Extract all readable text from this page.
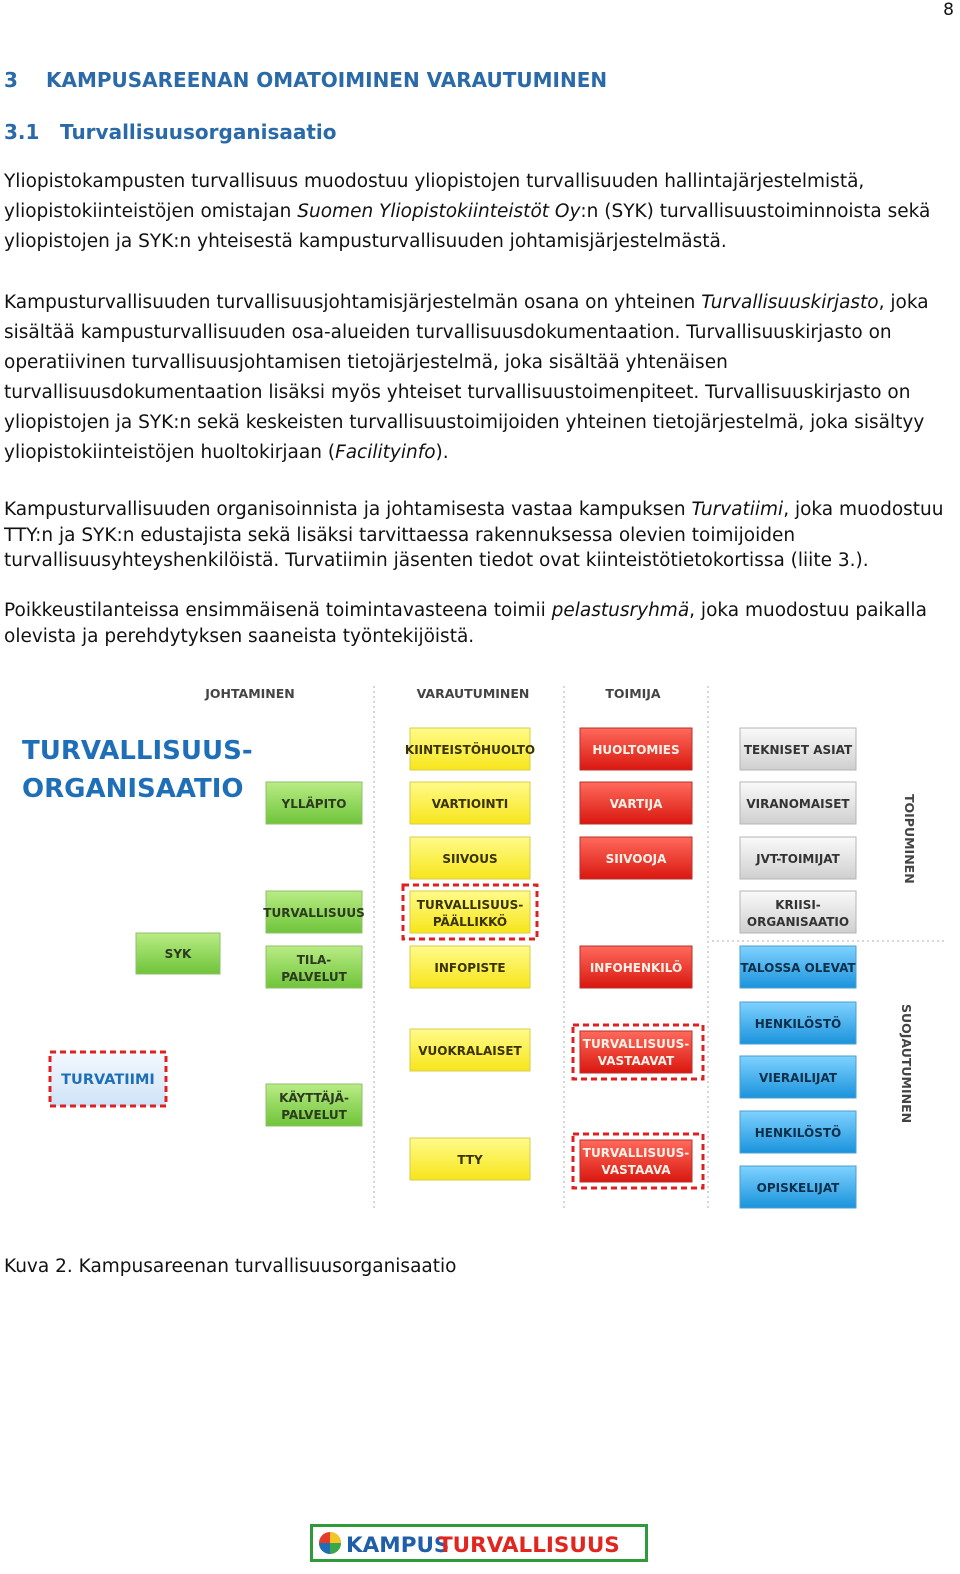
8
3 KAMPUSAREENAN OMATOIMINEN VARAUTUMINEN
3.1 Turvallisuusorganisaatio

Yliopistokampusten turvallisuus muodostuu yliopistojen turvallisuuden hallintajärjestelmistä, yliopistokiinteistöjen omistajan Suomen Yliopistokiinteistöt Oy:n (SYK) turvallisuustoiminnoista sekä yliopistojen ja SYK:n yhteisestä kampusturvallisuuden johtamisjärjestelmästä.

Kampusturvallisuuden turvallisuusjohtamisjärjestelmän osana on yhteinen Turvallisuuskirjasto, joka sisältää kampusturvallisuuden osa-alueiden turvallisuusdokumentaation. Turvallisuuskirjasto on operatiivinen turvallisuusjohtamisen tietojärjestelmä, joka sisältää yhtenäisen turvallisuusdokumentaation lisäksi myös yhteiset turvallisuustoimenpiteet. Turvallisuuskirjasto on yliopistojen ja SYK:n sekä keskeisten turvallisuustoimijoiden yhteinen tietojärjestelmä, joka sisältyy yliopistokiinteistöjen huoltokirjaan (Facilityinfo).

Kampusturvallisuuden organisoinnista ja johtamisesta vastaa kampuksen Turvatiimi, joka muodostuu TTY:n ja SYK:n edustajista sekä lisäksi tarvittaessa rakennuksessa olevien toimijoiden turvallisuusyhteyshenkilöistä. Turvatiimin jäsenten tiedot ovat kiinteistötietokortissa (liite 3.).

Poikkeustilanteissa ensimmäisenä toimintavasteena toimii pelastusryhmä, joka muodostuu paikalla olevista ja perehdytyksen saaneista työntekijöistä.

JOHTAMINEN	VARAUTUMINEN	TOIMIJA
TURVALLISUUS-
ORGANISAATIO
TOIPUMINEN
SUOJAUTUMINEN
SYK
TURVATIIMI
YLLÄPITO
TURVALLISUUS
TILA-
PALVELUT
KÄYTTÄJÄ-
PALVELUT
KIINTEISTÖHUOLTO
VARTIOINTI
SIIVOUS
TURVALLISUUS-
PÄÄLLIKKÖ
INFOPISTE
VUOKRALAISET
TTY
HUOLTOMIES
VARTIJA
SIIVOOJA
INFOHENKILÖ
TURVALLISUUS-
VASTAAVAT
TURVALLISUUS-
VASTAAVA
TEKNISET ASIAT
VIRANOMAISET
JVT-TOIMIJAT
KRIISI-
ORGANISAATIO
TALOSSA OLEVAT
HENKILÖSTÖ
VIERAILIJAT
HENKILÖSTÖ
OPISKELIJAT
Kuva 2. Kampusareenan turvallisuusorganisaatio
KAMPUS
TURVALLISUUS
